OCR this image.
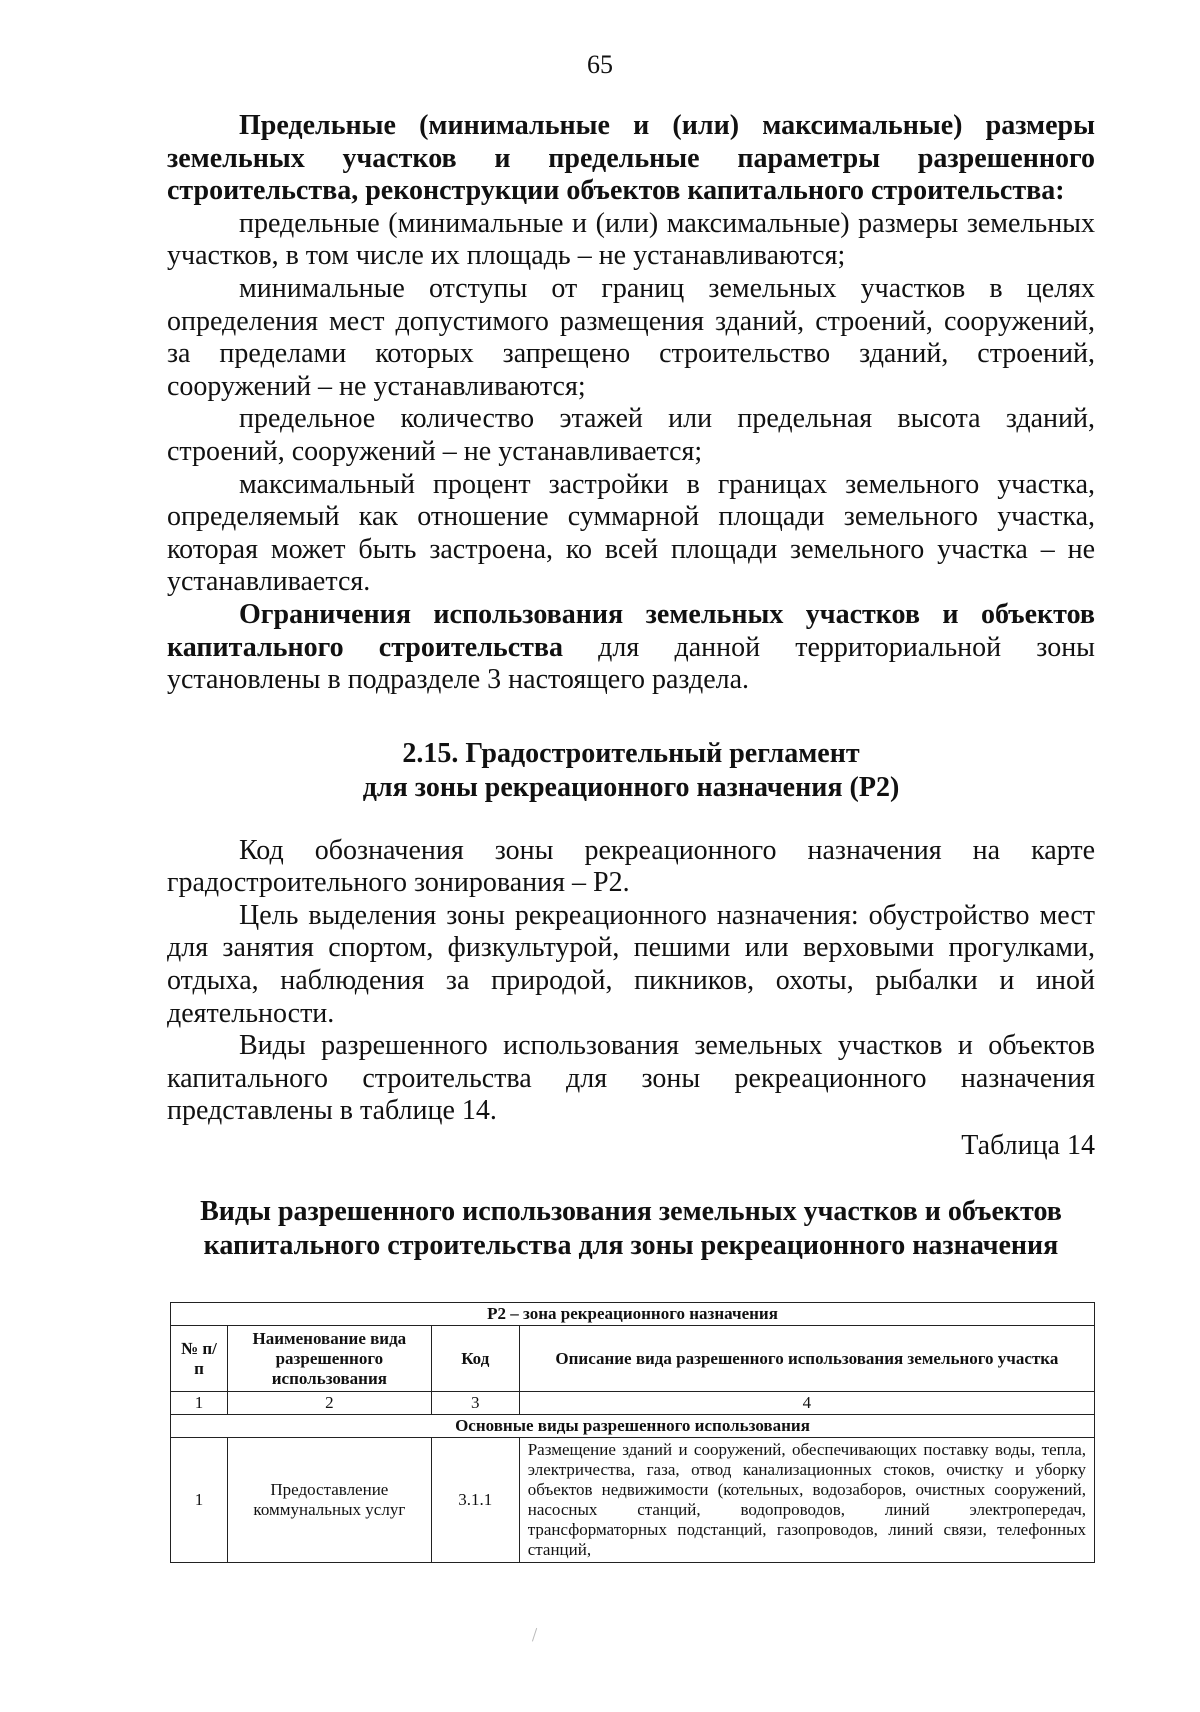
65

Предельные (минимальные и (или) максимальные) размеры земельных участков и предельные параметры разрешенного строительства, реконструкции объектов капитального строительства:

предельные (минимальные и (или) максимальные) размеры земельных участков, в том числе их площадь – не устанавливаются;

минимальные отступы от границ земельных участков в целях определения мест допустимого размещения зданий, строений, сооружений, за пределами которых запрещено строительство зданий, строений, сооружений – не устанавливаются;

предельное количество этажей или предельная высота зданий, строений, сооружений – не устанавливается;

максимальный процент застройки в границах земельного участка, определяемый как отношение суммарной площади земельного участка, которая может быть застроена, ко всей площади земельного участка – не устанавливается.

Ограничения использования земельных участков и объектов капитального строительства для данной территориальной зоны установлены в подразделе 3 настоящего раздела.

2.15. Градостроительный регламент
для зоны рекреационного назначения (Р2)

Код обозначения зоны рекреационного назначения на карте градостроительного зонирования – Р2.

Цель выделения зоны рекреационного назначения: обустройство мест для занятия спортом, физкультурой, пешими или верховыми прогулками, отдыха, наблюдения за природой, пикников, охоты, рыбалки и иной деятельности.

Виды разрешенного использования земельных участков и объектов капитального строительства для зоны рекреационного назначения представлены в таблице 14.

Таблица 14
Виды разрешенного использования земельных участков и объектов
капитального строительства для зоны рекреационного назначения
Р2 – зона рекреационного назначения			
№ п/п	Наименование вида разрешенного использования	Код	Описание вида разрешенного использования земельного участка
1	2	3	4
Основные виды разрешенного использования			
1	Предоставление коммунальных услуг	3.1.1	Размещение зданий и сооружений, обеспечивающих поставку воды, тепла, электричества, газа, отвод канализационных стоков, очистку и уборку объектов недвижимости (котельных, водозаборов, очистных сооружений, насосных станций, водопроводов, линий электропередач, трансформаторных подстанций, газопроводов, линий связи, телефонных станций,
